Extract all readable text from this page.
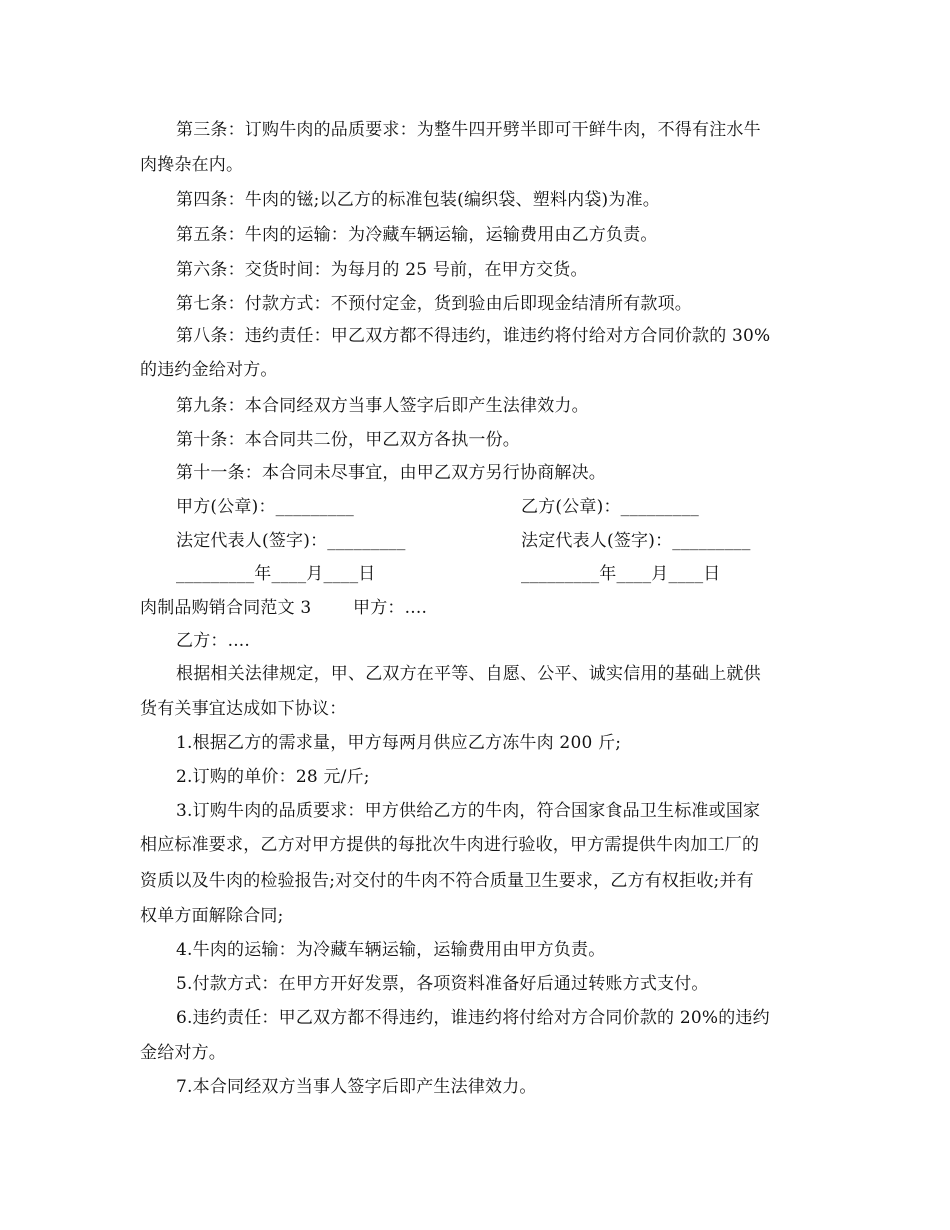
第三条：订购牛肉的品质要求：为整牛四开劈半即可干鲜牛肉，不得有注水牛
肉搀杂在内。
第四条：牛肉的镃;以乙方的标准包装(编织袋、塑料内袋)为准。
第五条：牛肉的运输：为冷藏车辆运输，运输费用由乙方负责。
第六条：交货时间：为每月的 25 号前，在甲方交货。
第七条：付款方式：不预付定金，货到验由后即现金结清所有款项。
第八条：违约责任：甲乙双方都不得违约，谁违约将付给对方合同价款的 30%
的违约金给对方。
第九条：本合同经双方当事人签字后即产生法律效力。
第十条：本合同共二份，甲乙双方各执一份。
第十一条：本合同未尽事宜，由甲乙双方另行协商解决。
甲方(公章)：_________	乙方(公章)：_________
法定代表人(签字)：_________	法定代表人(签字)：_________
_________年____月____日	_________年____月____日
肉制品购销合同范文 3 甲方：....
乙方：....
根据相关法律规定，甲、乙双方在平等、自愿、公平、诚实信用的基础上就供
货有关事宜达成如下协议：
1.根据乙方的需求量，甲方每两月供应乙方冻牛肉 200 斤;
2.订购的单价：28 元/斤;
3.订购牛肉的品质要求：甲方供给乙方的牛肉，符合国家食品卫生标准或国家
相应标准要求，乙方对甲方提供的每批次牛肉进行验收，甲方需提供牛肉加工厂的
资质以及牛肉的检验报告;对交付的牛肉不符合质量卫生要求，乙方有权拒收;并有
权单方面解除合同;
4.牛肉的运输：为冷藏车辆运输，运输费用由甲方负责。
5.付款方式：在甲方开好发票，各项资料准备好后通过转账方式支付。
6.违约责任：甲乙双方都不得违约，谁违约将付给对方合同价款的 20%的违约
金给对方。
7.本合同经双方当事人签字后即产生法律效力。
